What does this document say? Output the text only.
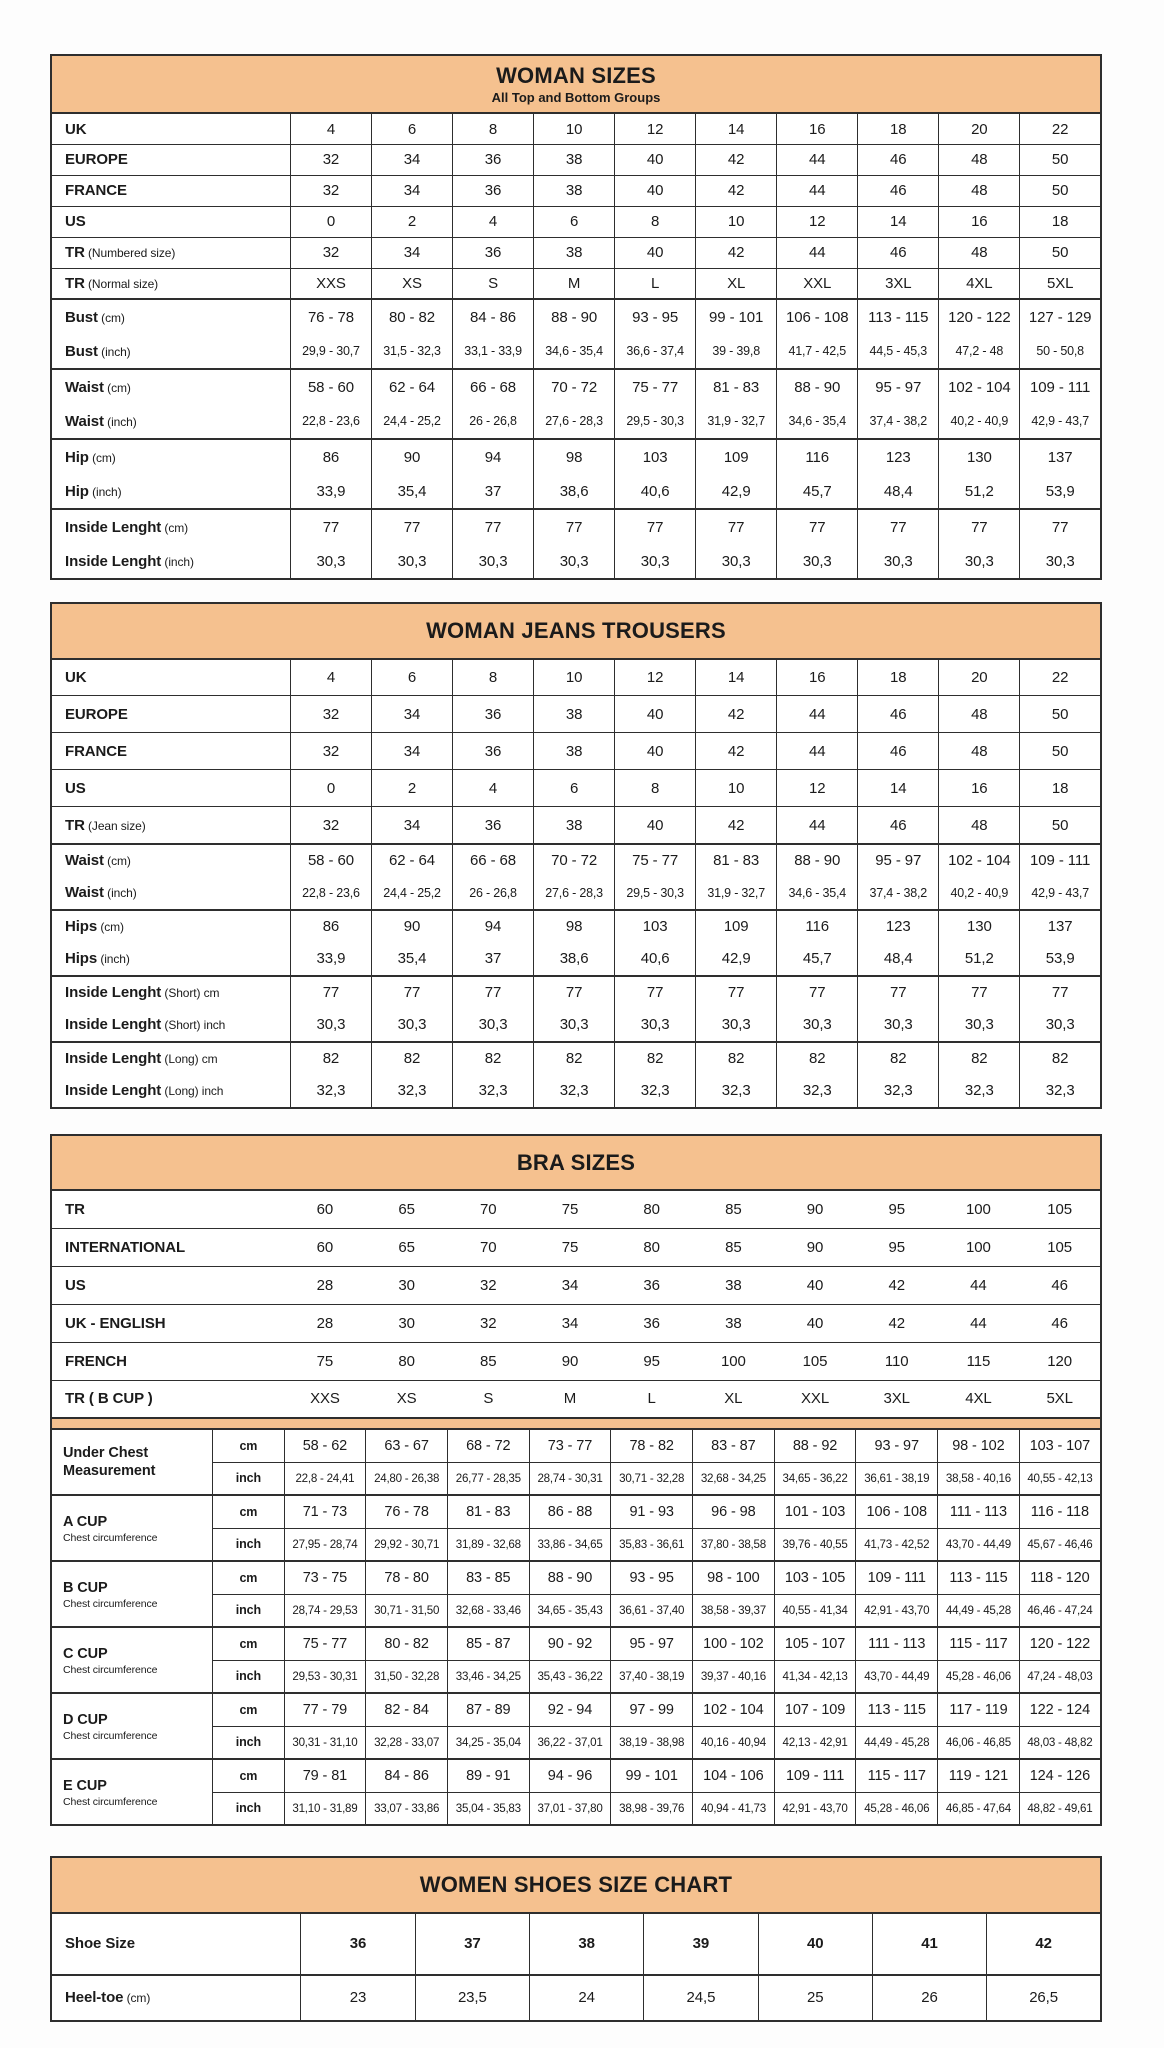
WOMAN SIZES
All Top and Bottom Groups
UK	4	6	8	10	12	14	16	18	20	22
EUROPE	32	34	36	38	40	42	44	46	48	50
FRANCE	32	34	36	38	40	42	44	46	48	50
US	0	2	4	6	8	10	12	14	16	18
TR (Numbered size)	32	34	36	38	40	42	44	46	48	50
TR (Normal size)	XXS	XS	S	M	L	XL	XXL	3XL	4XL	5XL
Bust (cm)	76 - 78	80 - 82	84 - 86	88 - 90	93 - 95	99 - 101	106 - 108	113 - 115	120 - 122	127 - 129
Bust (inch)	29,9 - 30,7	31,5 - 32,3	33,1 - 33,9	34,6 - 35,4	36,6 - 37,4	39 - 39,8	41,7 - 42,5	44,5 - 45,3	47,2 - 48	50 - 50,8
Waist (cm)	58 - 60	62 - 64	66 - 68	70 - 72	75 - 77	81 - 83	88 - 90	95 - 97	102 - 104	109 - 111
Waist (inch)	22,8 - 23,6	24,4 - 25,2	26 - 26,8	27,6 - 28,3	29,5 - 30,3	31,9 - 32,7	34,6 - 35,4	37,4 - 38,2	40,2 - 40,9	42,9 - 43,7
Hip (cm)	86	90	94	98	103	109	116	123	130	137
Hip (inch)	33,9	35,4	37	38,6	40,6	42,9	45,7	48,4	51,2	53,9
Inside Lenght (cm)	77	77	77	77	77	77	77	77	77	77
Inside Lenght (inch)	30,3	30,3	30,3	30,3	30,3	30,3	30,3	30,3	30,3	30,3
WOMAN JEANS TROUSERS
UK	4	6	8	10	12	14	16	18	20	22
EUROPE	32	34	36	38	40	42	44	46	48	50
FRANCE	32	34	36	38	40	42	44	46	48	50
US	0	2	4	6	8	10	12	14	16	18
TR (Jean size)	32	34	36	38	40	42	44	46	48	50
Waist (cm)	58 - 60	62 - 64	66 - 68	70 - 72	75 - 77	81 - 83	88 - 90	95 - 97	102 - 104	109 - 111
Waist (inch)	22,8 - 23,6	24,4 - 25,2	26 - 26,8	27,6 - 28,3	29,5 - 30,3	31,9 - 32,7	34,6 - 35,4	37,4 - 38,2	40,2 - 40,9	42,9 - 43,7
Hips (cm)	86	90	94	98	103	109	116	123	130	137
Hips (inch)	33,9	35,4	37	38,6	40,6	42,9	45,7	48,4	51,2	53,9
Inside Lenght (Short) cm	77	77	77	77	77	77	77	77	77	77
Inside Lenght (Short) inch	30,3	30,3	30,3	30,3	30,3	30,3	30,3	30,3	30,3	30,3
Inside Lenght (Long) cm	82	82	82	82	82	82	82	82	82	82
Inside Lenght (Long) inch	32,3	32,3	32,3	32,3	32,3	32,3	32,3	32,3	32,3	32,3
BRA SIZES
TR		60	65	70	75	80	85	90	95	100	105
INTERNATIONAL		60	65	70	75	80	85	90	95	100	105
US		28	30	32	34	36	38	40	42	44	46
UK - ENGLISH		28	30	32	34	36	38	40	42	44	46
FRENCH		75	80	85	90	95	100	105	110	115	120
TR ( B CUP )		XXS	XS	S	M	L	XL	XXL	3XL	4XL	5XL

Under Chest Measurement	cm	58 - 62	63 - 67	68 - 72	73 - 77	78 - 82	83 - 87	88 - 92	93 - 97	98 - 102	103 - 107
	inch	22,8 - 24,41	24,80 - 26,38	26,77 - 28,35	28,74 - 30,31	30,71 - 32,28	32,68 - 34,25	34,65 - 36,22	36,61 - 38,19	38,58 - 40,16	40,55 - 42,13

A CUP
Chest circumference	cm	71 - 73	76 - 78	81 - 83	86 - 88	91 - 93	96 - 98	101 - 103	106 - 108	111 - 113	116 - 118
	inch	27,95 - 28,74	29,92 - 30,71	31,89 - 32,68	33,86 - 34,65	35,83 - 36,61	37,80 - 38,58	39,76 - 40,55	41,73 - 42,52	43,70 - 44,49	45,67 - 46,46

B CUP
Chest circumference	cm	73 - 75	78 - 80	83 - 85	88 - 90	93 - 95	98 - 100	103 - 105	109 - 111	113 - 115	118 - 120
	inch	28,74 - 29,53	30,71 - 31,50	32,68 - 33,46	34,65 - 35,43	36,61 - 37,40	38,58 - 39,37	40,55 - 41,34	42,91 - 43,70	44,49 - 45,28	46,46 - 47,24

C CUP
Chest circumference	cm	75 - 77	80 - 82	85 - 87	90 - 92	95 - 97	100 - 102	105 - 107	111 - 113	115 - 117	120 - 122
	inch	29,53 - 30,31	31,50 - 32,28	33,46 - 34,25	35,43 - 36,22	37,40 - 38,19	39,37 - 40,16	41,34 - 42,13	43,70 - 44,49	45,28 - 46,06	47,24 - 48,03

D CUP
Chest circumference	cm	77 - 79	82 - 84	87 - 89	92 - 94	97 - 99	102 - 104	107 - 109	113 - 115	117 - 119	122 - 124
	inch	30,31 - 31,10	32,28 - 33,07	34,25 - 35,04	36,22 - 37,01	38,19 - 38,98	40,16 - 40,94	42,13 - 42,91	44,49 - 45,28	46,06 - 46,85	48,03 - 48,82

E CUP
Chest circumference	cm	79 - 81	84 - 86	89 - 91	94 - 96	99 - 101	104 - 106	109 - 111	115 - 117	119 - 121	124 - 126
	inch	31,10 - 31,89	33,07 - 33,86	35,04 - 35,83	37,01 - 37,80	38,98 - 39,76	40,94 - 41,73	42,91 - 43,70	45,28 - 46,06	46,85 - 47,64	48,82 - 49,61
WOMEN SHOES SIZE CHART
Shoe Size	36	37	38	39	40	41	42
Heel-toe (cm)	23	23,5	24	24,5	25	26	26,5
